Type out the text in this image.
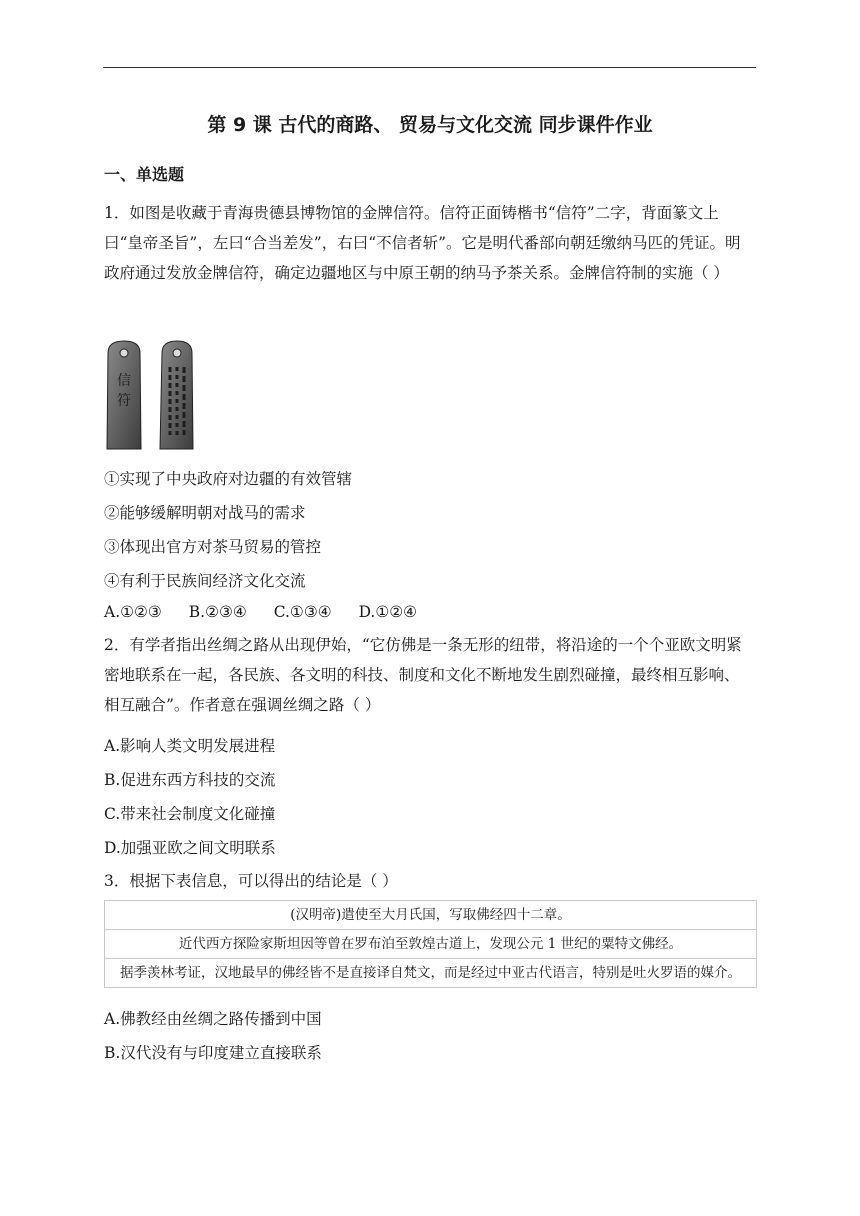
第 9 课 古代的商路、 贸易与文化交流 同步课件作业
一、单选题
1．如图是收藏于青海贵德县博物馆的金牌信符。信符正面铸楷书“信符”二字，背面篆文上曰“皇帝圣旨”，左曰“合当差发”，右曰“不信者斩”。它是明代番部向朝廷缴纳马匹的凭证。明政府通过发放金牌信符，确定边疆地区与中原王朝的纳马予茶关系。金牌信符制的实施（ ）
信
符
①实现了中央政府对边疆的有效管辖
②能够缓解明朝对战马的需求
③体现出官方对茶马贸易的管控
④有利于民族间经济文化交流
A.①②③ B.②③④ C.①③④ D.①②④
2．有学者指出丝绸之路从出现伊始，“它仿佛是一条无形的纽带，将沿途的一个个亚欧文明紧密地联系在一起，各民族、各文明的科技、制度和文化不断地发生剧烈碰撞，最终相互影响、相互融合”。作者意在强调丝绸之路（ ）
A.影响人类文明发展进程
B.促进东西方科技的交流
C.带来社会制度文化碰撞
D.加强亚欧之间文明联系
3．根据下表信息，可以得出的结论是（ ）
(汉明帝)遣使至大月氏国，写取佛经四十二章。
近代西方探险家斯坦因等曾在罗布泊至敦煌古道上，发现公元 1 世纪的粟特文佛经。
据季羡林考证，汉地最早的佛经皆不是直接译自梵文，而是经过中亚古代语言，特别是吐火罗语的媒介。
A.佛教经由丝绸之路传播到中国
B.汉代没有与印度建立直接联系
